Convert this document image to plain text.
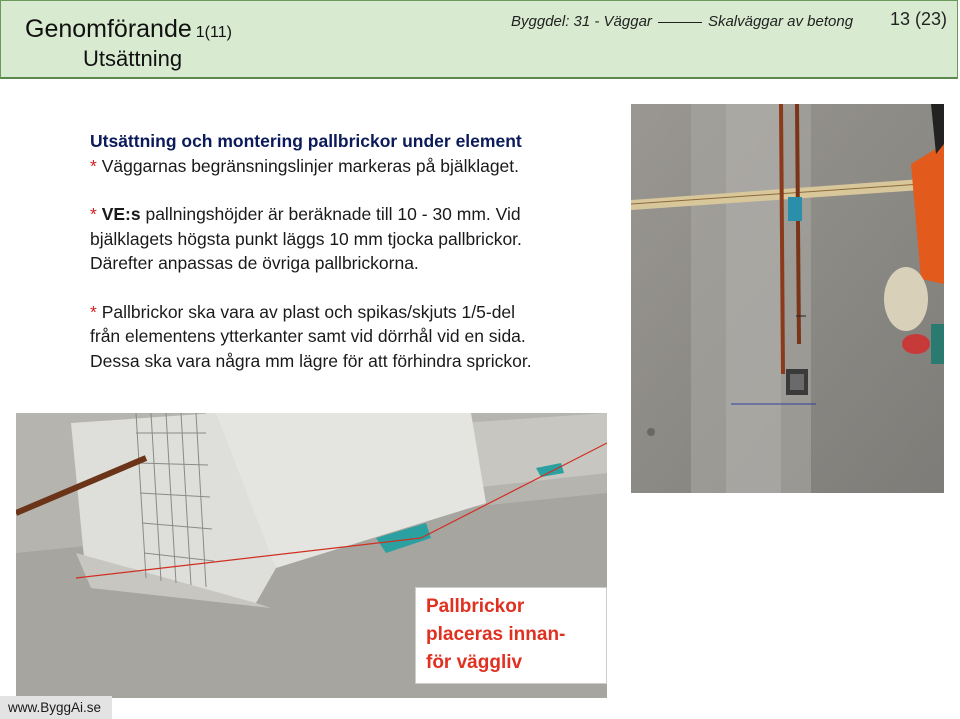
Genomförande 1(11)
Utsättning
Byggdel: 31 - Väggar	Skalväggar av betong 13 (23)

Utsättning och montering pallbrickor under element

* Väggarnas begränsningslinjer markeras på bjälklaget.

* VE:s pallningshöjder är beräknade till 10 - 30 mm. Vid

bjälklagets högsta punkt läggs 10 mm tjocka pallbrickor.

Därefter anpassas de övriga pallbrickorna.

* Pallbrickor ska vara av plast och spikas/skjuts 1/5-del

från elementens ytterkanter samt vid dörrhål vid en sida.

Dessa ska vara några mm lägre för att förhindra sprickor.

Pallbrickor
placeras innan-
för väggliv
www.ByggAi.se
